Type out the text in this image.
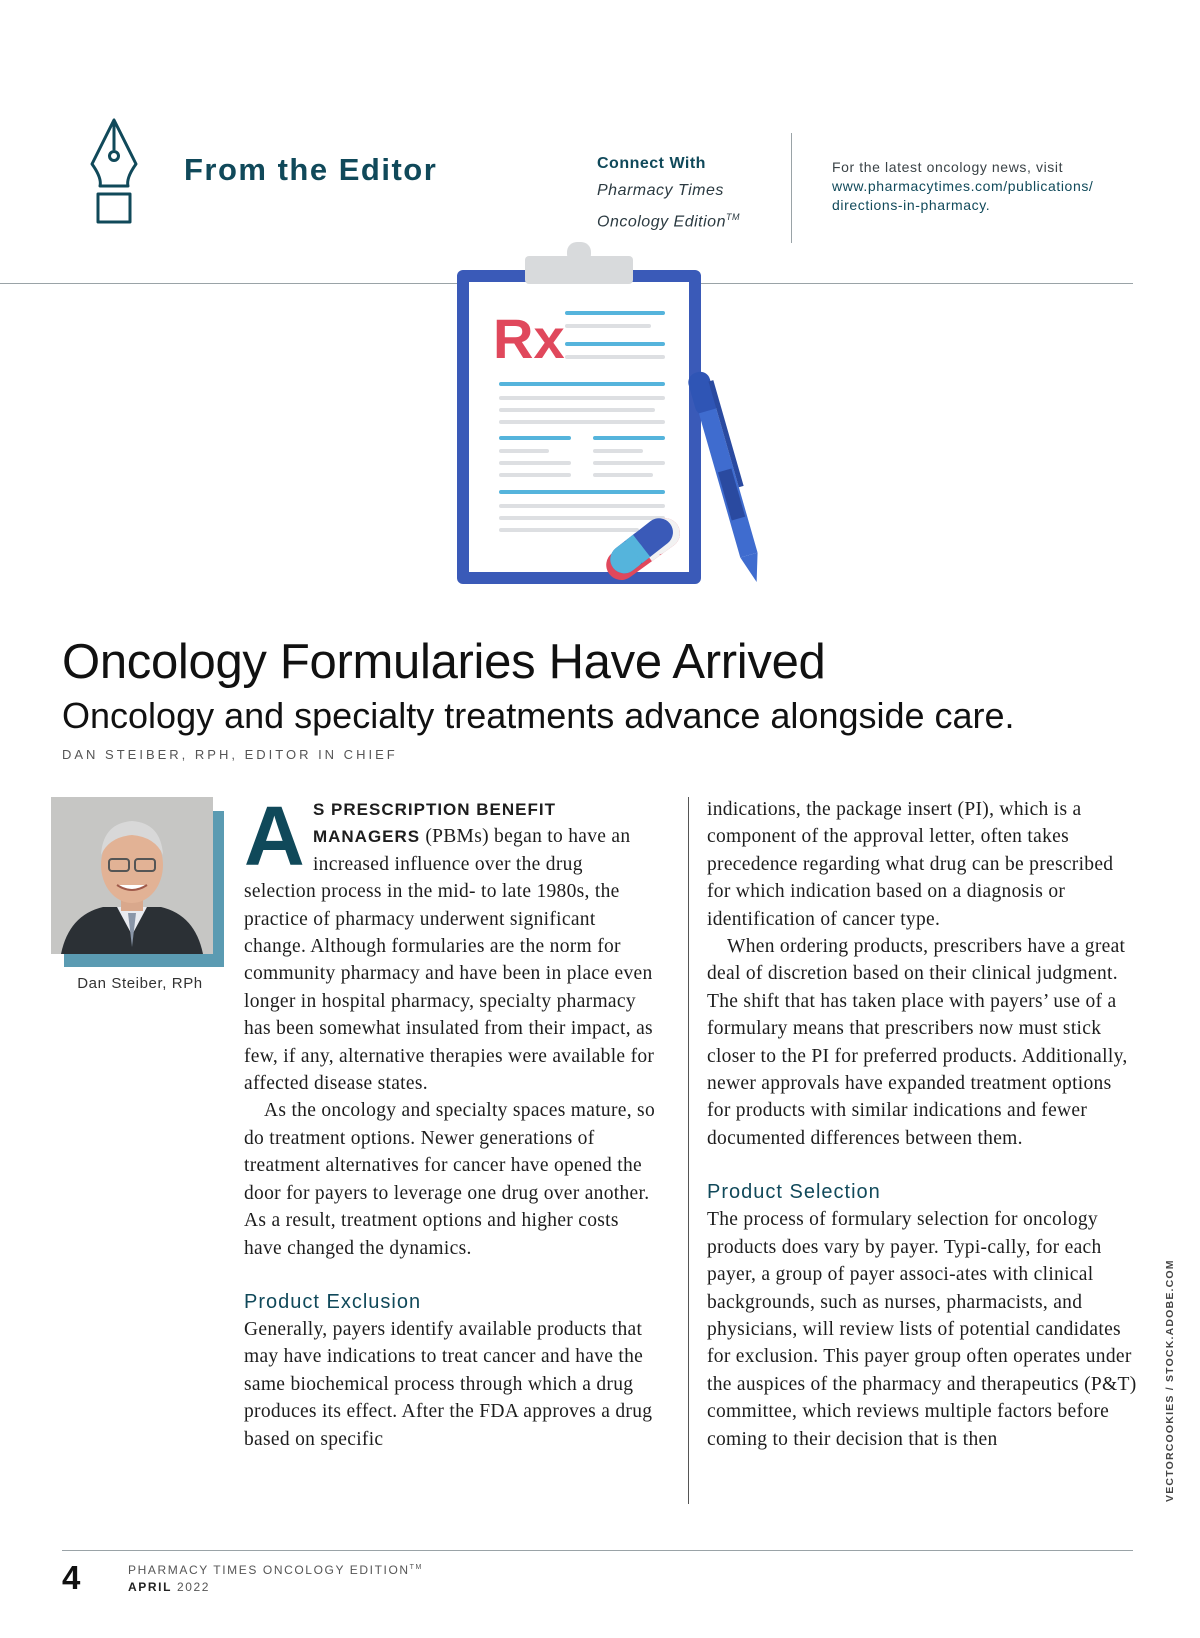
From the Editor	Connect With
Pharmacy Times
Oncology Edition™
For the latest oncology news, visit
www.pharmacytimes.com/publications/
directions-in-pharmacy.
Rx
Oncology Formularies Have Arrived
Oncology and specialty treatments advance alongside care.
DAN STEIBER, RPH, EDITOR IN CHIEF
Dan Steiber, RPh

A S PRESCRIPTION BENEFIT MANAGERS (PBMs) began to have an increased influence over the drug selection process in the mid- to late 1980s, the practice of pharmacy underwent significant change. Although formularies are the norm for community pharmacy and have been in place even longer in hospital pharmacy, specialty pharmacy has been somewhat insulated from their impact, as few, if any, alternative therapies were available for affected disease states.

As the oncology and specialty spaces mature, so do treatment options. Newer generations of treatment alternatives for cancer have opened the door for payers to leverage one drug over another. As a result, treatment options and higher costs have changed the dynamics.

Product Exclusion

Generally, payers identify available products that may have indications to treat cancer and have the same biochemical process through which a drug produces its effect. After the FDA approves a drug based on specific

indications, the package insert (PI), which is a component of the approval letter, often takes precedence regarding what drug can be prescribed for which indication based on a diagnosis or identification of cancer type.

When ordering products, prescribers have a great deal of discretion based on their clinical judgment. The shift that has taken place with payers’ use of a formulary means that prescribers now must stick closer to the PI for preferred products. Additionally, newer approvals have expanded treatment options for products with similar indications and fewer documented differences between them.

Product Selection

The process of formulary selection for oncology products does vary by payer. Typi-cally, for each payer, a group of payer associ-ates with clinical backgrounds, such as nurses, pharmacists, and physicians, will review lists of potential candidates for exclusion. This payer group often operates under the auspices of the pharmacy and therapeutics (P&T) committee, which reviews multiple factors before coming to their decision that is then	VECTORCOOKIES / STOCK.ADOBE.COM
4	PHARMACY TIMES ONCOLOGY EDITION™
APRIL 2022
